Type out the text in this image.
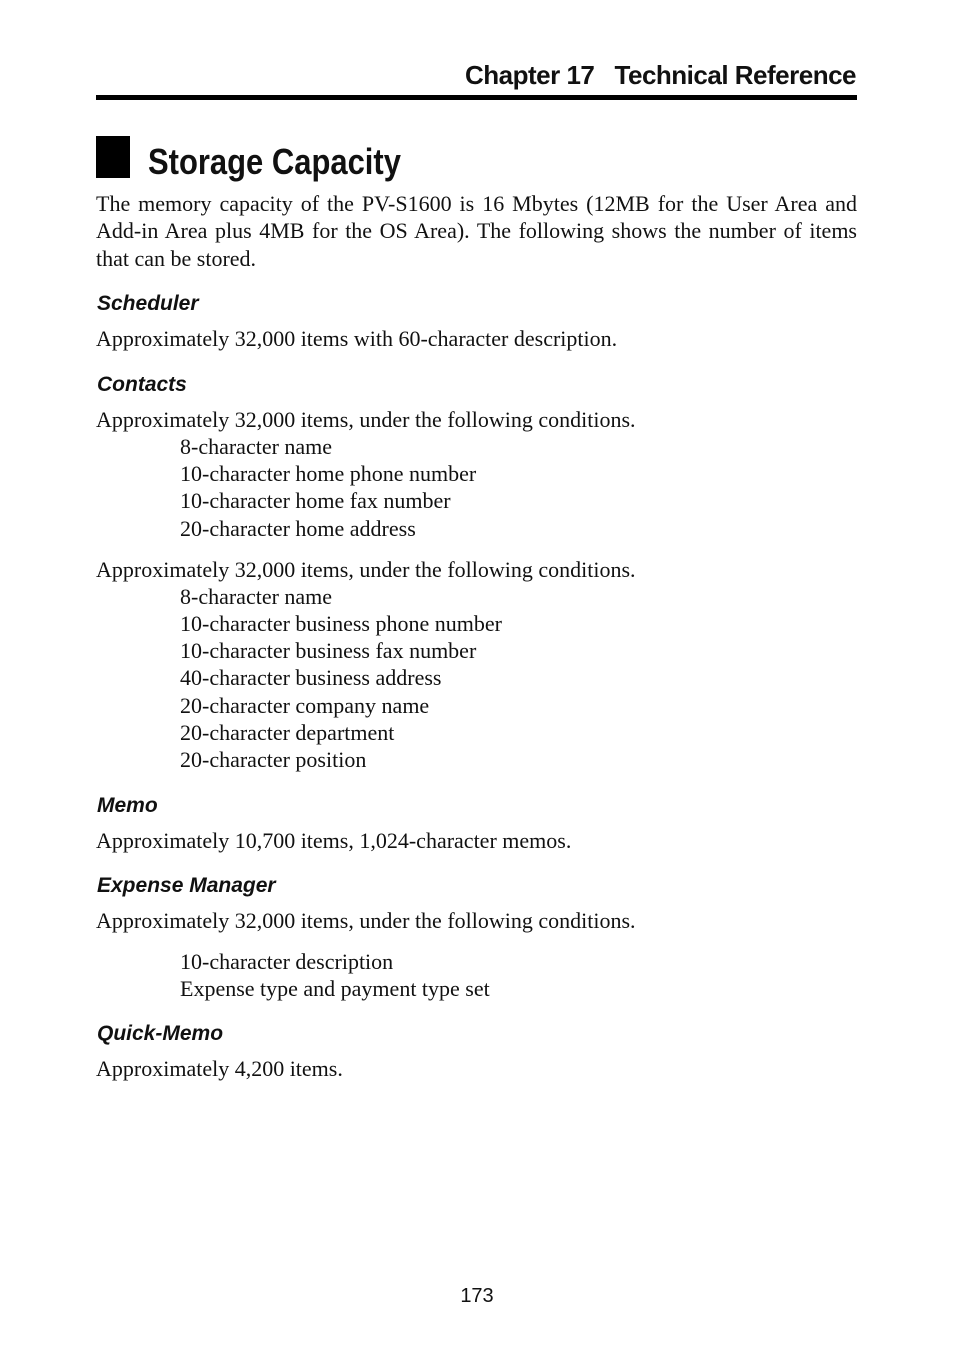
Chapter 17   Technical Reference
Storage Capacity

The memory capacity of the PV-S1600 is 16 Mbytes (12MB for the User Area and Add-in Area plus 4MB for the OS Area). The following shows the number of items that can be stored.

Scheduler
Approximately 32,000 items with 60-character description.
Contacts
Approximately 32,000 items, under the following conditions.
8-character name
10-character home phone number
10-character home fax number
20-character home address
Approximately 32,000 items, under the following conditions.
8-character name
10-character business phone number
10-character business fax number
40-character business address
20-character company name
20-character department
20-character position
Memo
Approximately 10,700 items, 1,024-character memos.
Expense Manager
Approximately 32,000 items, under the following conditions.
10-character description
Expense type and payment type set
Quick-Memo
Approximately 4,200 items.
173
